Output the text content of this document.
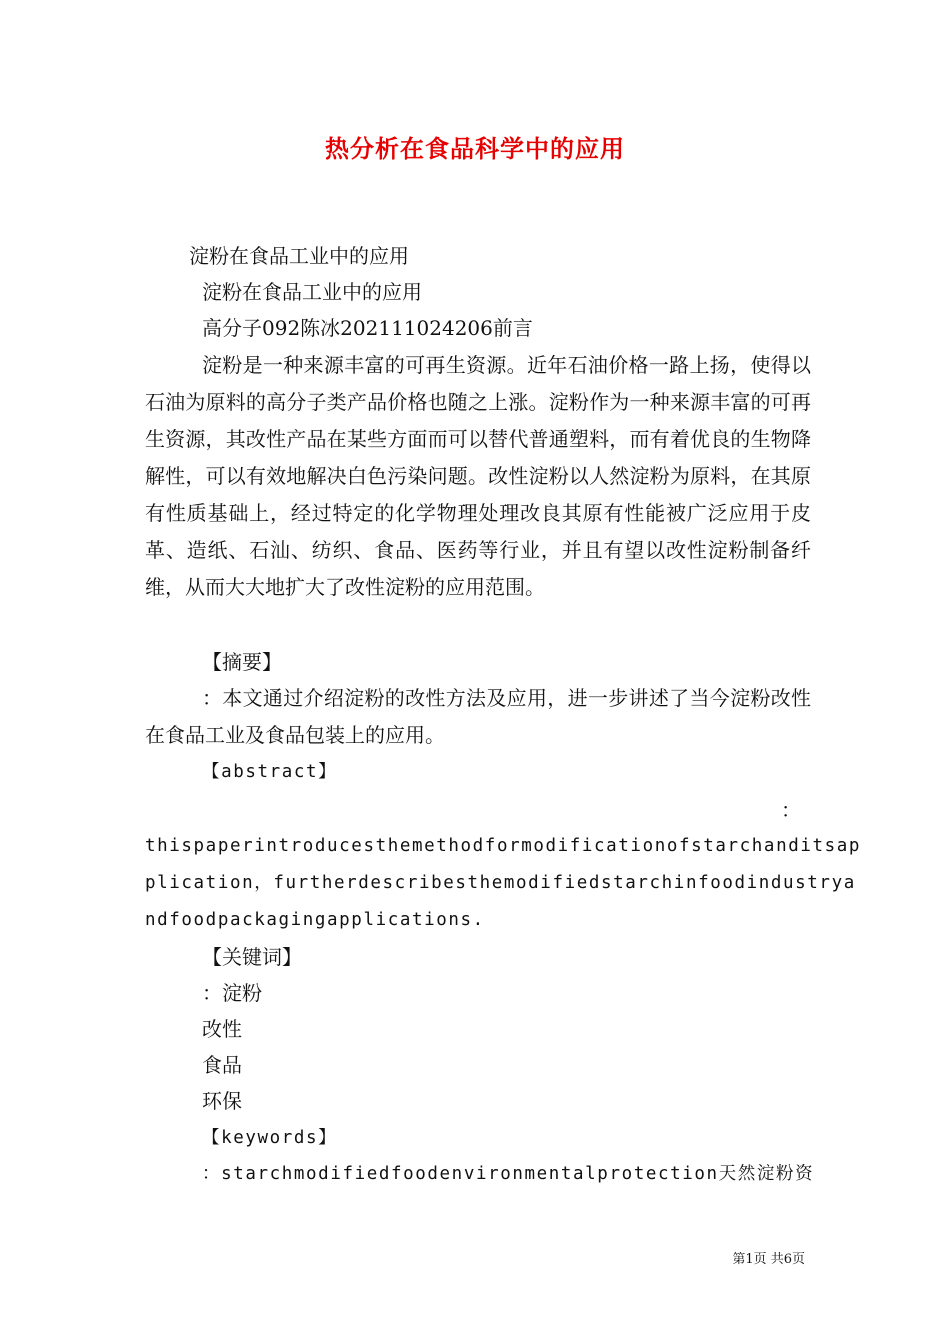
热分析在食品科学中的应用
淀粉在食品工业中的应用
淀粉在食品工业中的应用
高分子092陈冰202111024206前言
淀粉是一种来源丰富的可再生资源。近年石油价格一路上扬，使得以石油为原料的高分子类产品价格也随之上涨。淀粉作为一种来源丰富的可再生资源，其改性产品在某些方面而可以替代普通塑料，而有着优良的生物降解性，可以有效地解决白色污染问题。改性淀粉以人然淀粉为原料，在其原有性质基础上，经过特定的化学物理处理改良其原有性能被广泛应用于皮革、造纸、石汕、纺织、食品、医药等行业，并且有望以改性淀粉制备纤维，从而大大地扩大了改性淀粉的应用范围。
【摘要】
：本文通过介绍淀粉的改性方法及应用，进一步讲述了当今淀粉改性在食品工业及食品包装上的应用。
【abstract】
：
thispaperintroducesthemethodformodificationofstarchanditsap
plication，furtherdescribesthemodifiedstarchinfoodindustrya
ndfoodpackagingapplications.
【关键词】
：淀粉
改性
食品
环保
【keywords】
：starchmodifiedfoodenvironmentalprotection天然淀粉资
第1页 共6页
